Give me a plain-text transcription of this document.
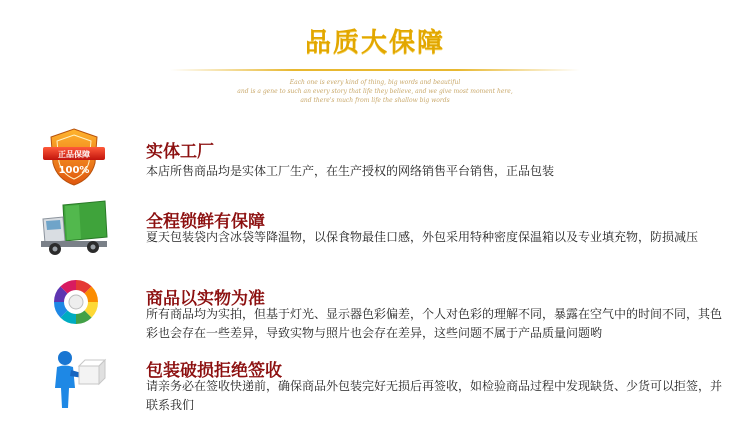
品质大保障
Each one is every kind of thing, big words and beautiful
and is a gene to such an every story that life they believe, and we give most moment here,
and there's much from life the shallow big words
正品保障
100%
实体工厂
本店所售商品均是实体工厂生产，在生产授权的网络销售平台销售，正品包装
全程锁鲜有保障
夏天包装袋内含冰袋等降温物，以保食物最佳口感，外包采用特种密度保温箱以及专业填充物，防损减压
商品以实物为准
所有商品均为实拍，但基于灯光、显示器色彩偏差，个人对色彩的理解不同，暴露在空气中的时间不同，其色彩也会存在一些差异，导致实物与照片也会存在差异，这些问题不属于产品质量问题哟
包装破损拒绝签收
请亲务必在签收快递前，确保商品外包装完好无损后再签收，如检验商品过程中发现缺货、少货可以拒签，并联系我们
